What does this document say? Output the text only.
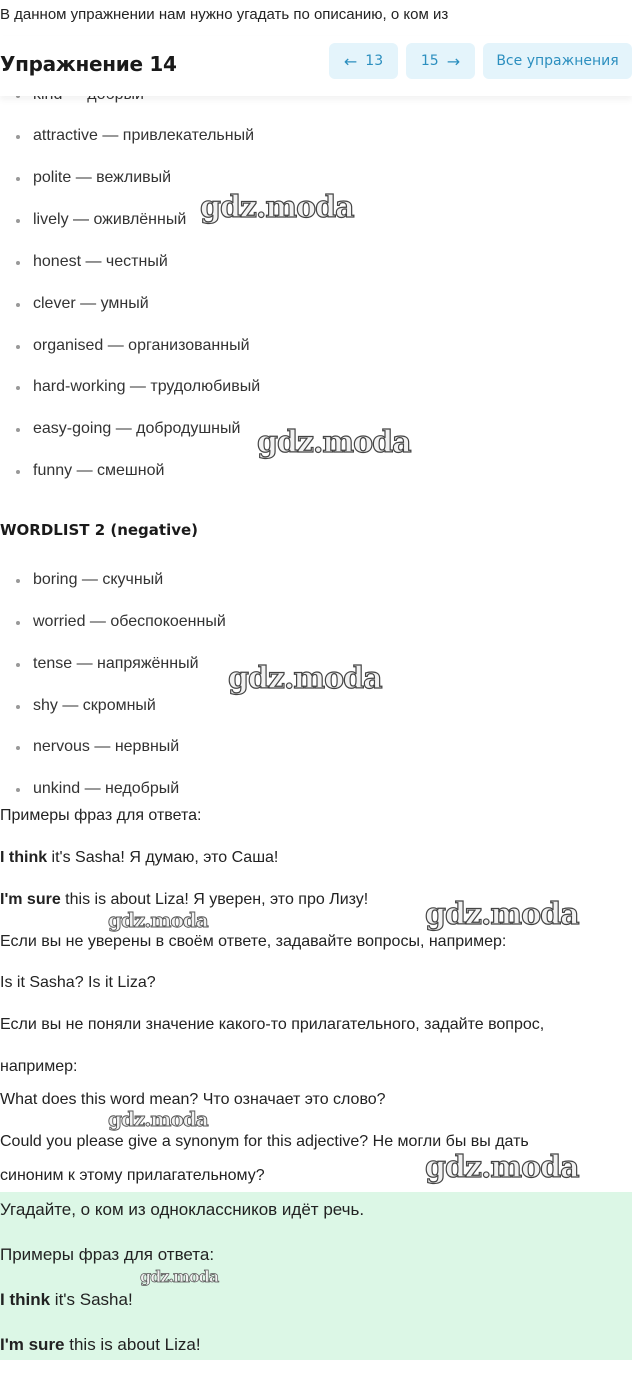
В данном упражнении нам нужно угадать по описанию, о ком из
Упражнение 14	← 13	15 →	Все упражнения
attractive — привлекательный
polite — вежливый
lively — оживлённый
honest — честный
clever — умный
organised — организованный
hard-working — трудолюбивый
easy-going — добродушный
funny — смешной
WORDLIST 2 (negative)
boring — скучный
worried — обеспокоенный
tense — напряжённый
shy — скромный
nervous — нервный
unkind — недобрый
Примеры фраз для ответа:
I think it's Sasha! Я думаю, это Саша!
I'm sure this is about Liza! Я уверен, это про Лизу!
Если вы не уверены в своём ответе, задавайте вопросы, например:
Is it Sasha? Is it Liza?
Если вы не поняли значение какого-то прилагательного, задайте вопрос,
например:
What does this word mean? Что означает это слово?
Could you please give a synonym for this adjective? Не могли бы вы дать
синоним к этому прилагательному?
Угадайте, о ком из одноклассников идёт речь.
Примеры фраз для ответа:
I think it's Sasha!
I'm sure this is about Liza!
gdz.moda
gdz.moda
gdz.moda
gdz.moda
gdz.moda
gdz.moda
gdz.moda
gdz.moda
